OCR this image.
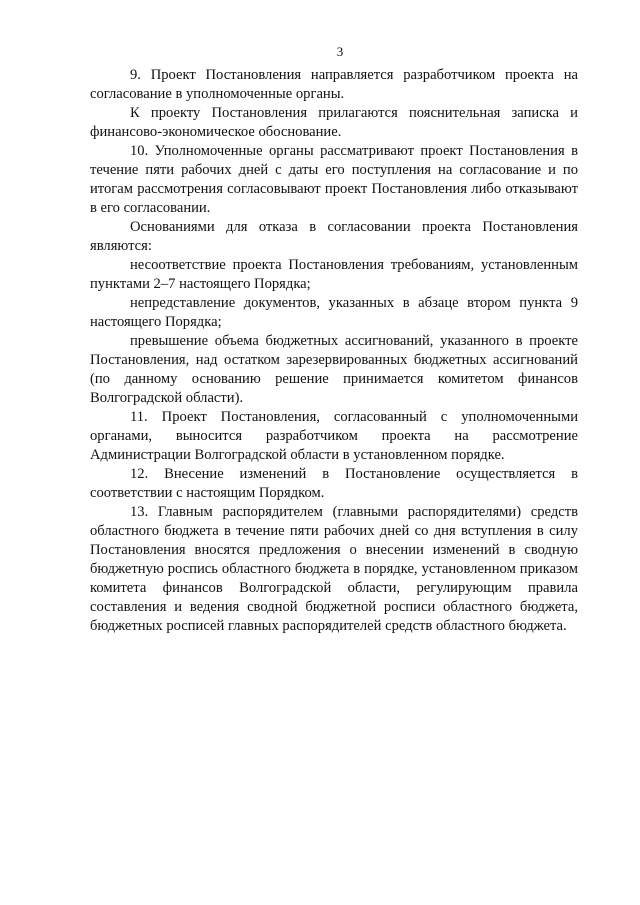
3

9. Проект Постановления направляется разработчиком проекта на согласование в уполномоченные органы.

К проекту Постановления прилагаются пояснительная записка и финансово-экономическое обоснование.

10. Уполномоченные органы рассматривают проект Постановления в течение пяти рабочих дней с даты его поступления на согласование и по итогам рассмотрения согласовывают проект Постановления либо отказывают в его согласовании.

Основаниями для отказа в согласовании проекта Постановления являются:

несоответствие проекта Постановления требованиям, установленным пунктами 2–7 настоящего Порядка;

непредставление документов, указанных в абзаце втором пункта 9 настоящего Порядка;

превышение объема бюджетных ассигнований, указанного в проекте Постановления, над остатком зарезервированных бюджетных ассигнований (по данному основанию решение принимается комитетом финансов Волгоградской области).

11. Проект Постановления, согласованный с уполномоченными органами, выносится разработчиком проекта на рассмотрение Администрации Волгоградской области в установленном порядке.

12. Внесение изменений в Постановление осуществляется в соответствии с настоящим Порядком.

13. Главным распорядителем (главными распорядителями) средств областного бюджета в течение пяти рабочих дней со дня вступления в силу Постановления вносятся предложения о внесении изменений в сводную бюджетную роспись областного бюджета в порядке, установленном приказом комитета финансов Волгоградской области, регулирующим правила составления и ведения сводной бюджетной росписи областного бюджета, бюджетных росписей главных распорядителей средств областного бюджета.
